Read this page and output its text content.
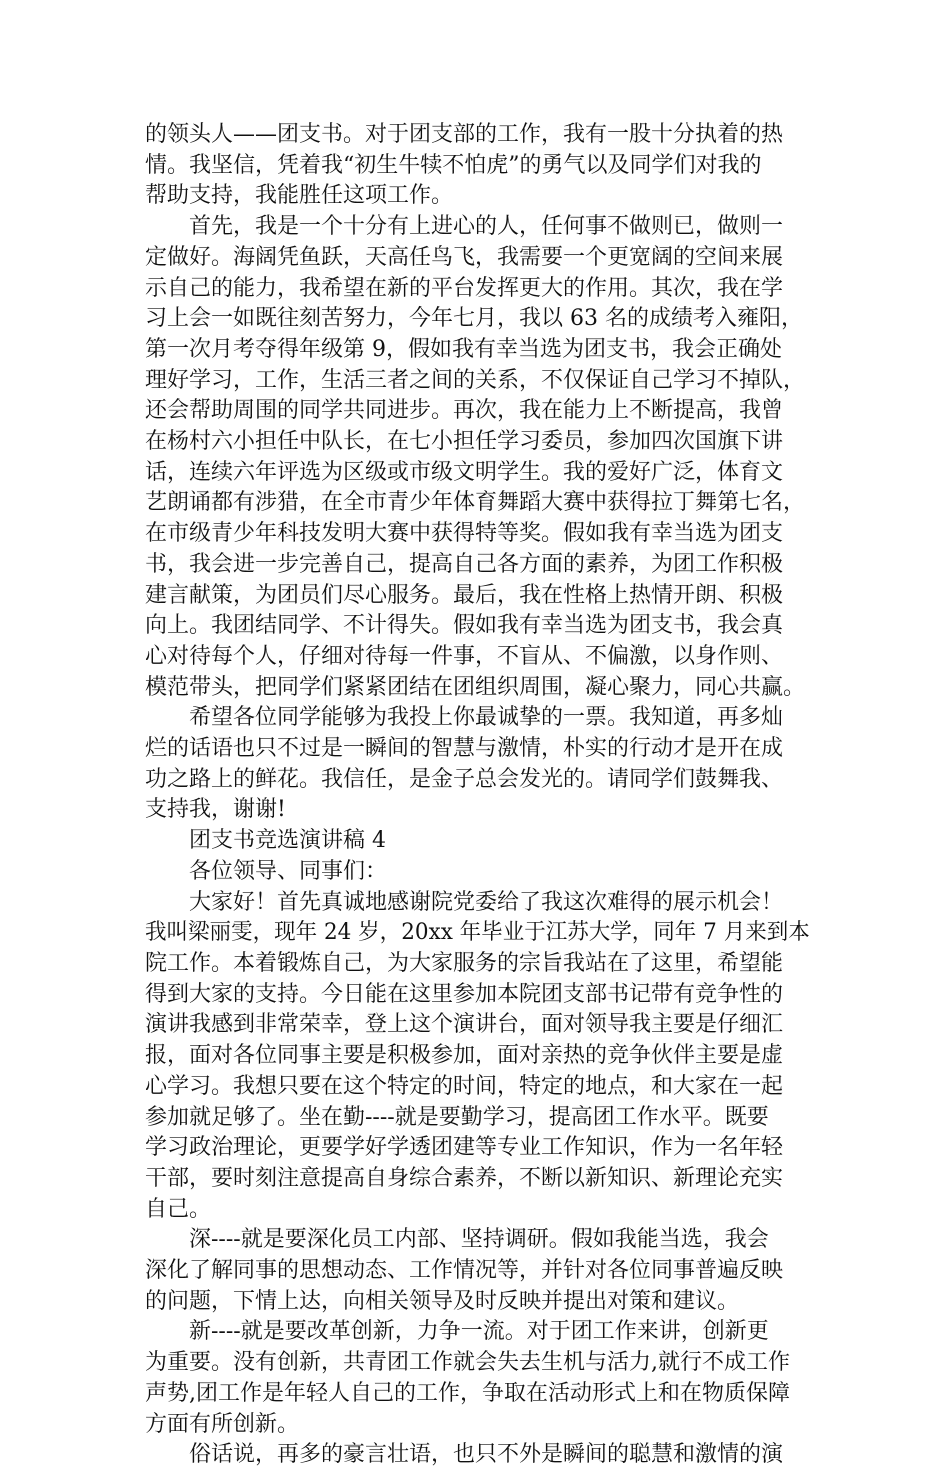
的领头人——团支书。对于团支部的工作，我有一股十分执着的热
情。我坚信，凭着我“初生牛犊不怕虎”的勇气以及同学们对我的
帮助支持，我能胜任这项工作。
　　首先，我是一个十分有上进心的人，任何事不做则已，做则一
定做好。海阔凭鱼跃，天高任鸟飞，我需要一个更宽阔的空间来展
示自己的能力，我希望在新的平台发挥更大的作用。其次，我在学
习上会一如既往刻苦努力，今年七月，我以 63 名的成绩考入雍阳，
第一次月考夺得年级第 9，假如我有幸当选为团支书，我会正确处
理好学习，工作，生活三者之间的关系，不仅保证自己学习不掉队，
还会帮助周围的同学共同进步。再次，我在能力上不断提高，我曾
在杨村六小担任中队长，在七小担任学习委员，参加四次国旗下讲
话，连续六年评选为区级或市级文明学生。我的爱好广泛，体育文
艺朗诵都有涉猎，在全市青少年体育舞蹈大赛中获得拉丁舞第七名，
在市级青少年科技发明大赛中获得特等奖。假如我有幸当选为团支
书，我会进一步完善自己，提高自己各方面的素养，为团工作积极
建言献策，为团员们尽心服务。最后，我在性格上热情开朗、积极
向上。我团结同学、不计得失。假如我有幸当选为团支书，我会真
心对待每个人，仔细对待每一件事，不盲从、不偏激，以身作则、
模范带头，把同学们紧紧团结在团组织周围，凝心聚力，同心共赢。
　　希望各位同学能够为我投上你最诚挚的一票。我知道，再多灿
烂的话语也只不过是一瞬间的智慧与激情，朴实的行动才是开在成
功之路上的鲜花。我信任，是金子总会发光的。请同学们鼓舞我、
支持我，谢谢!
　　团支书竞选演讲稿 4
　　各位领导、同事们：
　　大家好！首先真诚地感谢院党委给了我这次难得的展示机会！
我叫梁丽雯，现年 24 岁，20xx 年毕业于江苏大学，同年 7 月来到本
院工作。本着锻炼自己，为大家服务的宗旨我站在了这里，希望能
得到大家的支持。今日能在这里参加本院团支部书记带有竞争性的
演讲我感到非常荣幸，登上这个演讲台，面对领导我主要是仔细汇
报，面对各位同事主要是积极参加，面对亲热的竞争伙伴主要是虚
心学习。我想只要在这个特定的时间，特定的地点，和大家在一起
参加就足够了。坐在勤----就是要勤学习，提高团工作水平。既要
学习政治理论，更要学好学透团建等专业工作知识，作为一名年轻
干部，要时刻注意提高自身综合素养，不断以新知识、新理论充实
自己。
　　深----就是要深化员工内部、坚持调研。假如我能当选，我会
深化了解同事的思想动态、工作情况等，并针对各位同事普遍反映
的问题，下情上达，向相关领导及时反映并提出对策和建议。
　　新----就是要改革创新，力争一流。对于团工作来讲，创新更
为重要。没有创新，共青团工作就会失去生机与活力,就行不成工作
声势,团工作是年轻人自己的工作，争取在活动形式上和在物质保障
方面有所创新。
　　俗话说，再多的豪言壮语，也只不外是瞬间的聪慧和激情的演
